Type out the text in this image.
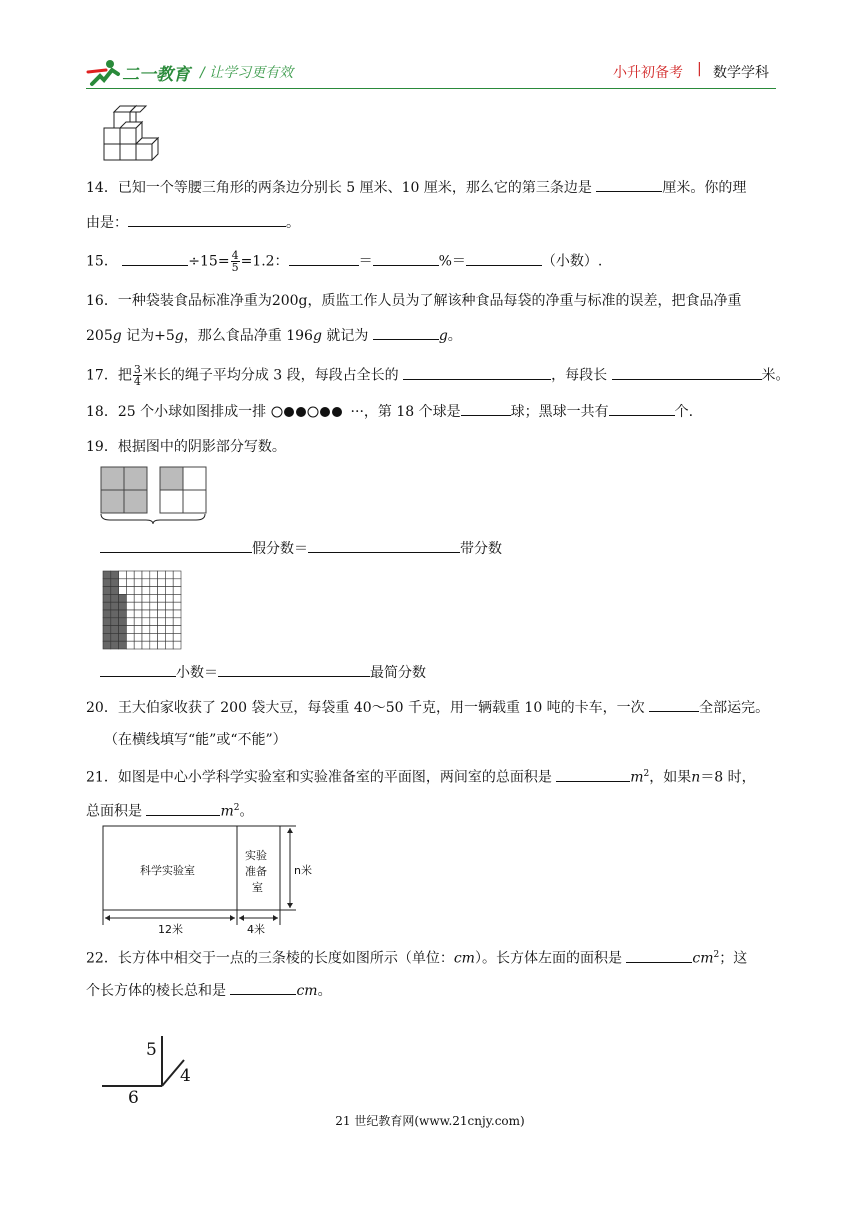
二一教育 / 让学习更有效	小升初备考 | 数学学科
14．已知一个等腰三角形的两条边分别长 5 厘米、10 厘米，那么它的第三条边是	厘米。你的理
由是：	。
15．	$\div 15= \frac{4}{5} =1.2$：	＝	%＝	（小数）.
16．一种袋装食品标准净重为200g，质监工作人员为了解该种食品每袋的净重与标准的误差，把食品净重
205g 记为+5g，那么食品净重 196g 就记为	g。
17．把 $\frac{3}{4}$ 米长的绳子平均分成 3 段，每段占全长的	，每段长	米。
18．25 个小球如图排成一排	···，第 18 个球是	球；黑球一共有	个.
19．根据图中的阴影部分写数。
假分数＝	带分数
小数＝	最简分数
20．王大伯家收获了 200 袋大豆，每袋重 40～50 千克，用一辆载重 10 吨的卡车，一次	全部运完。
（在横线填写“能”或“不能”）
21．如图是中心小学科学实验室和实验准备室的平面图，两间室的总面积是	$m^2$，如果n＝8 时，
总面积是	$m^2$。
科学实验室
实验
准备
室
n米
12米	4米
22．长方体中相交于一点的三条棱的长度如图所示（单位：cm）。长方体左面的面积是	$cm^2$；这
个长方体的棱长总和是	cm。
5
4
6
21 世纪教育网(www.21cnjy.com)
